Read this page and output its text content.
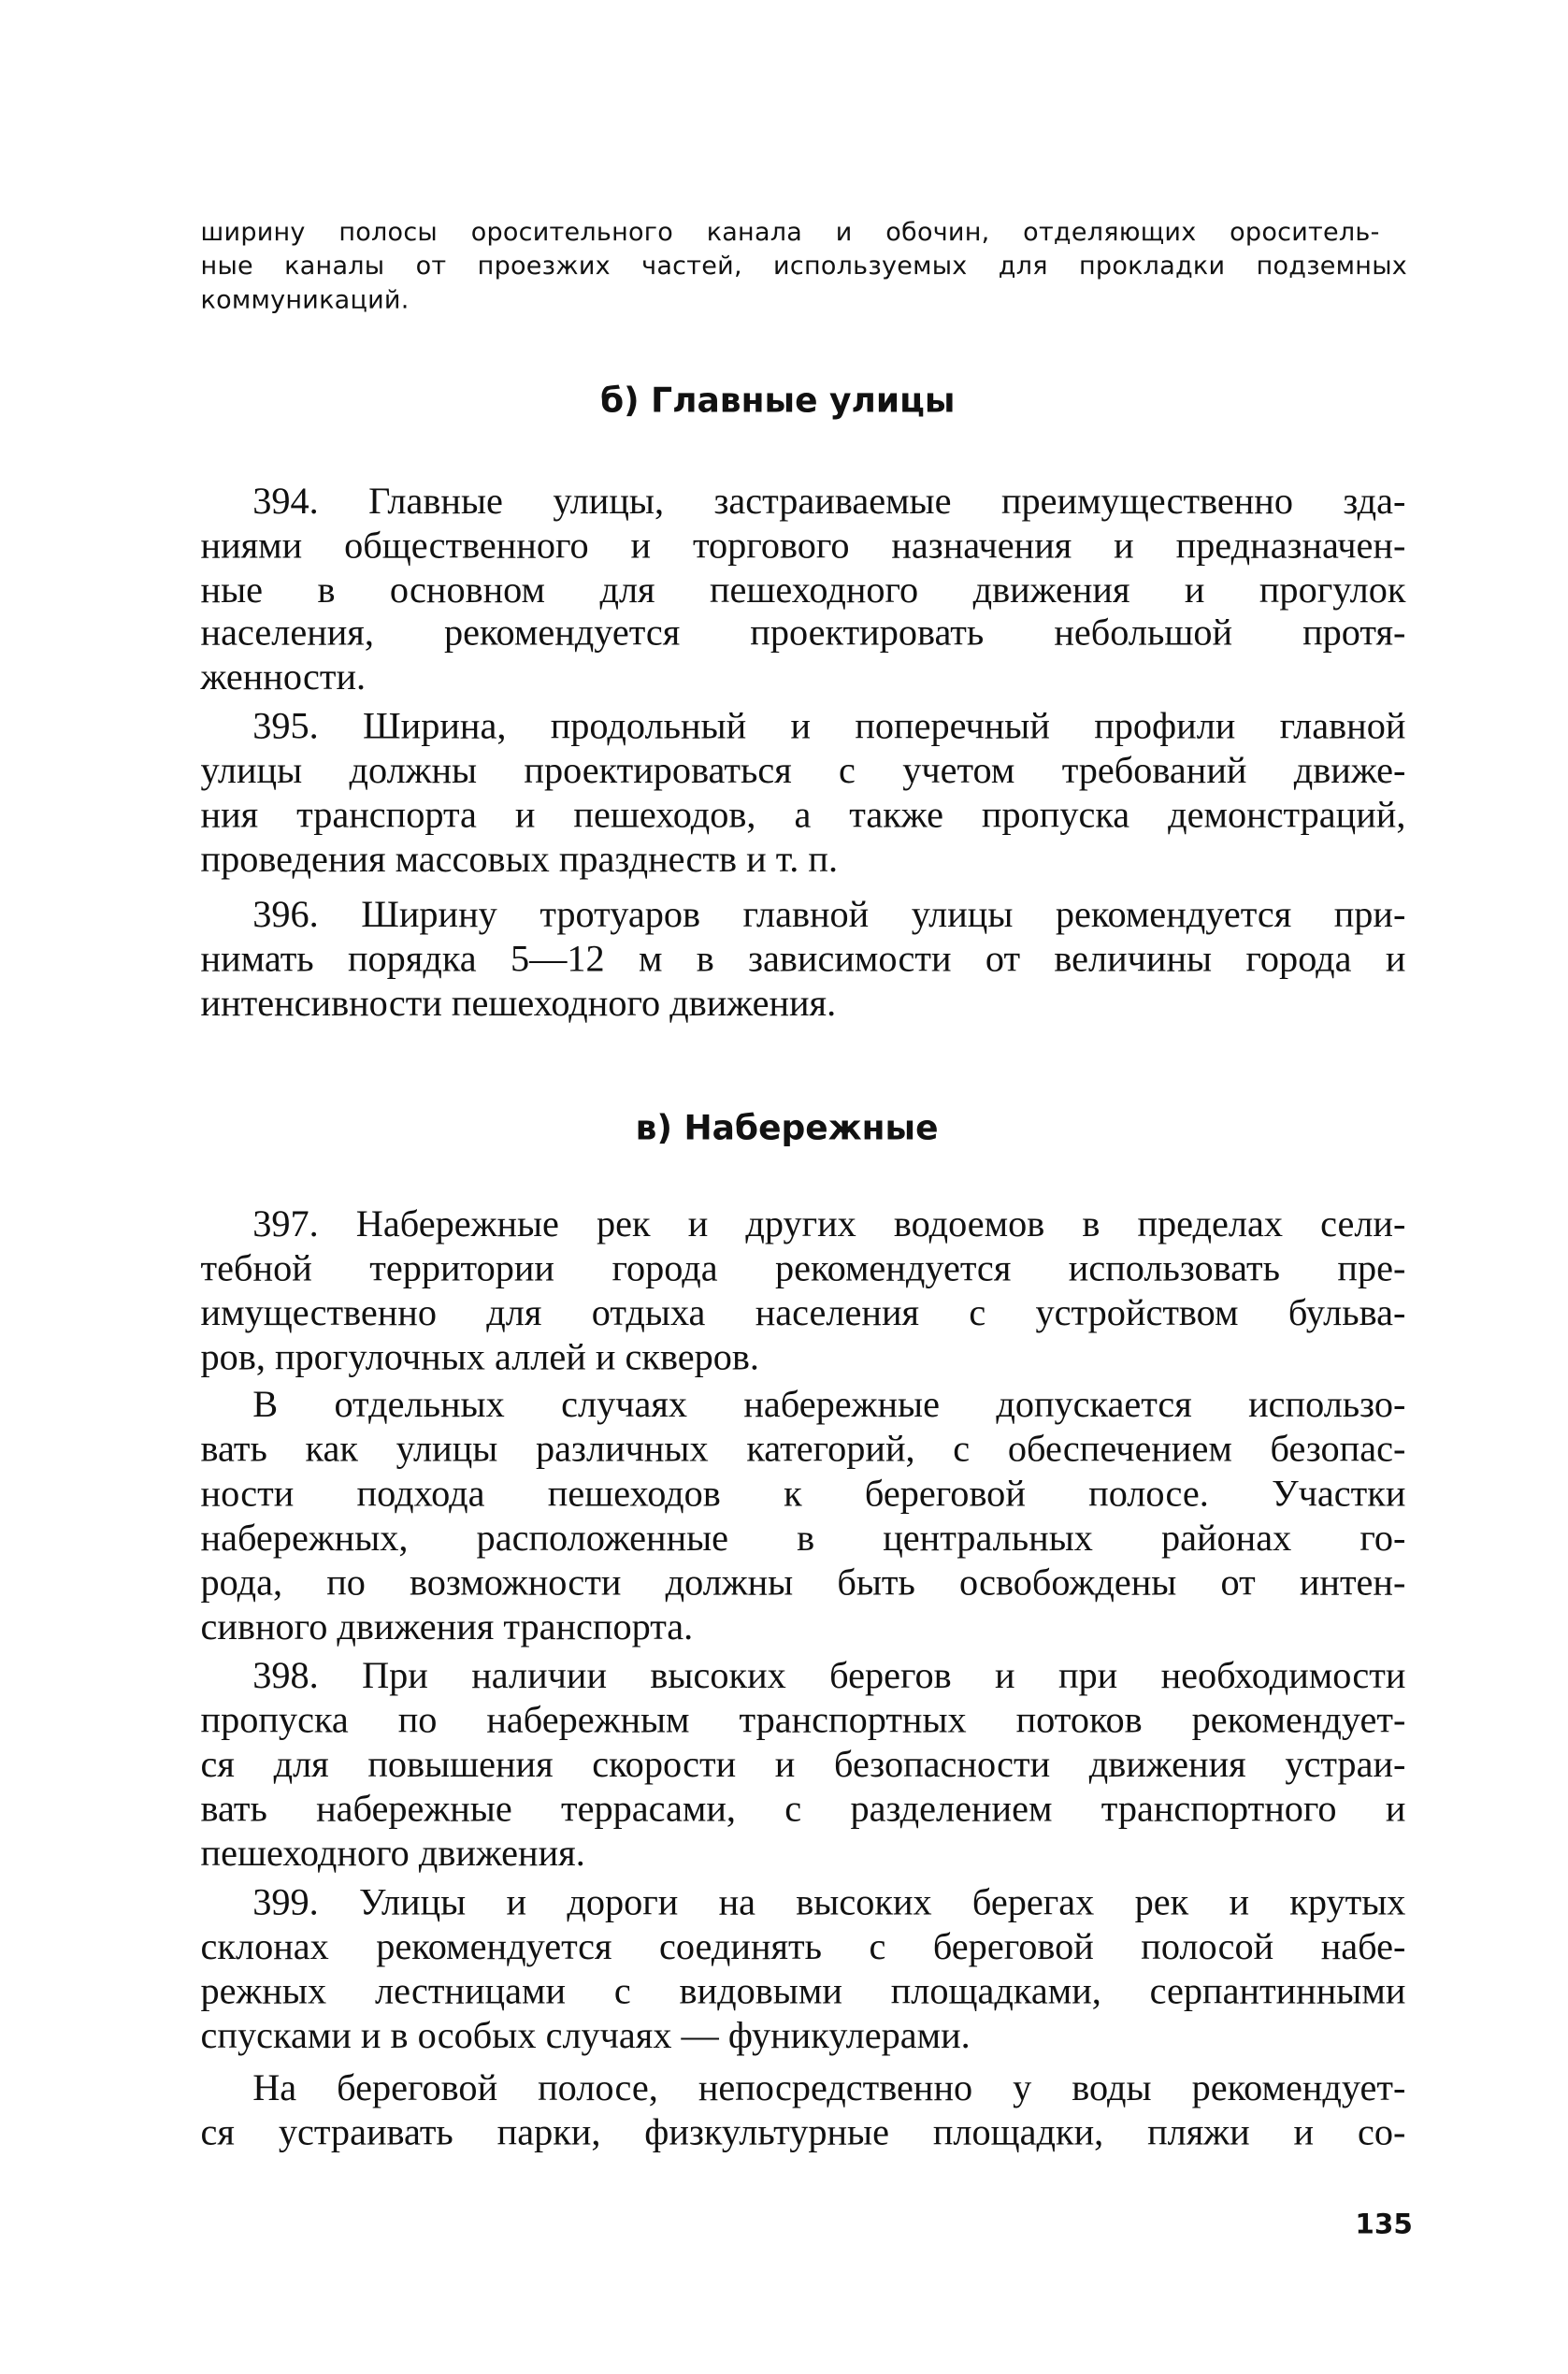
ширину полосы оросительного канала и обочин, отделяющих ороситель-

ные каналы от проезжих частей, используемых для прокладки подземных

коммуникаций.

б) Главные улицы

394. Главные улицы, застраиваемые преимущественно зда-

ниями общественного и торгового назначения и предназначен-

ные в основном для пешеходного движения и прогулок

населения, рекомендуется проектировать небольшой протя-

женности.

395. Ширина, продольный и поперечный профили главной

улицы должны проектироваться с учетом требований движе-

ния транспорта и пешеходов, а также пропуска демонстраций,

проведения массовых празднеств и т. п.

396. Ширину тротуаров главной улицы рекомендуется при-

нимать порядка 5—12 м в зависимости от величины города и

интенсивности пешеходного движения.

в) Набережные

397. Набережные рек и других водоемов в пределах сели-

тебной территории города рекомендуется использовать пре-

имущественно для отдыха населения с устройством бульва-

ров, прогулочных аллей и скверов.

В отдельных случаях набережные допускается использо-

вать как улицы различных категорий, с обеспечением безопас-

ности подхода пешеходов к береговой полосе. Участки

набережных, расположенные в центральных районах го-

рода, по возможности должны быть освобождены от интен-

сивного движения транспорта.

398. При наличии высоких берегов и при необходимости

пропуска по набережным транспортных потоков рекомендует-

ся для повышения скорости и безопасности движения устраи-

вать набережные террасами, с разделением транспортного и

пешеходного движения.

399. Улицы и дороги на высоких берегах рек и крутых

склонах рекомендуется соединять с береговой полосой набе-

режных лестницами с видовыми площадками, серпантинными

спусками и в особых случаях — фуникулерами.

На береговой полосе, непосредственно у воды рекомендует-

ся устраивать парки, физкультурные площадки, пляжи и со-

135
